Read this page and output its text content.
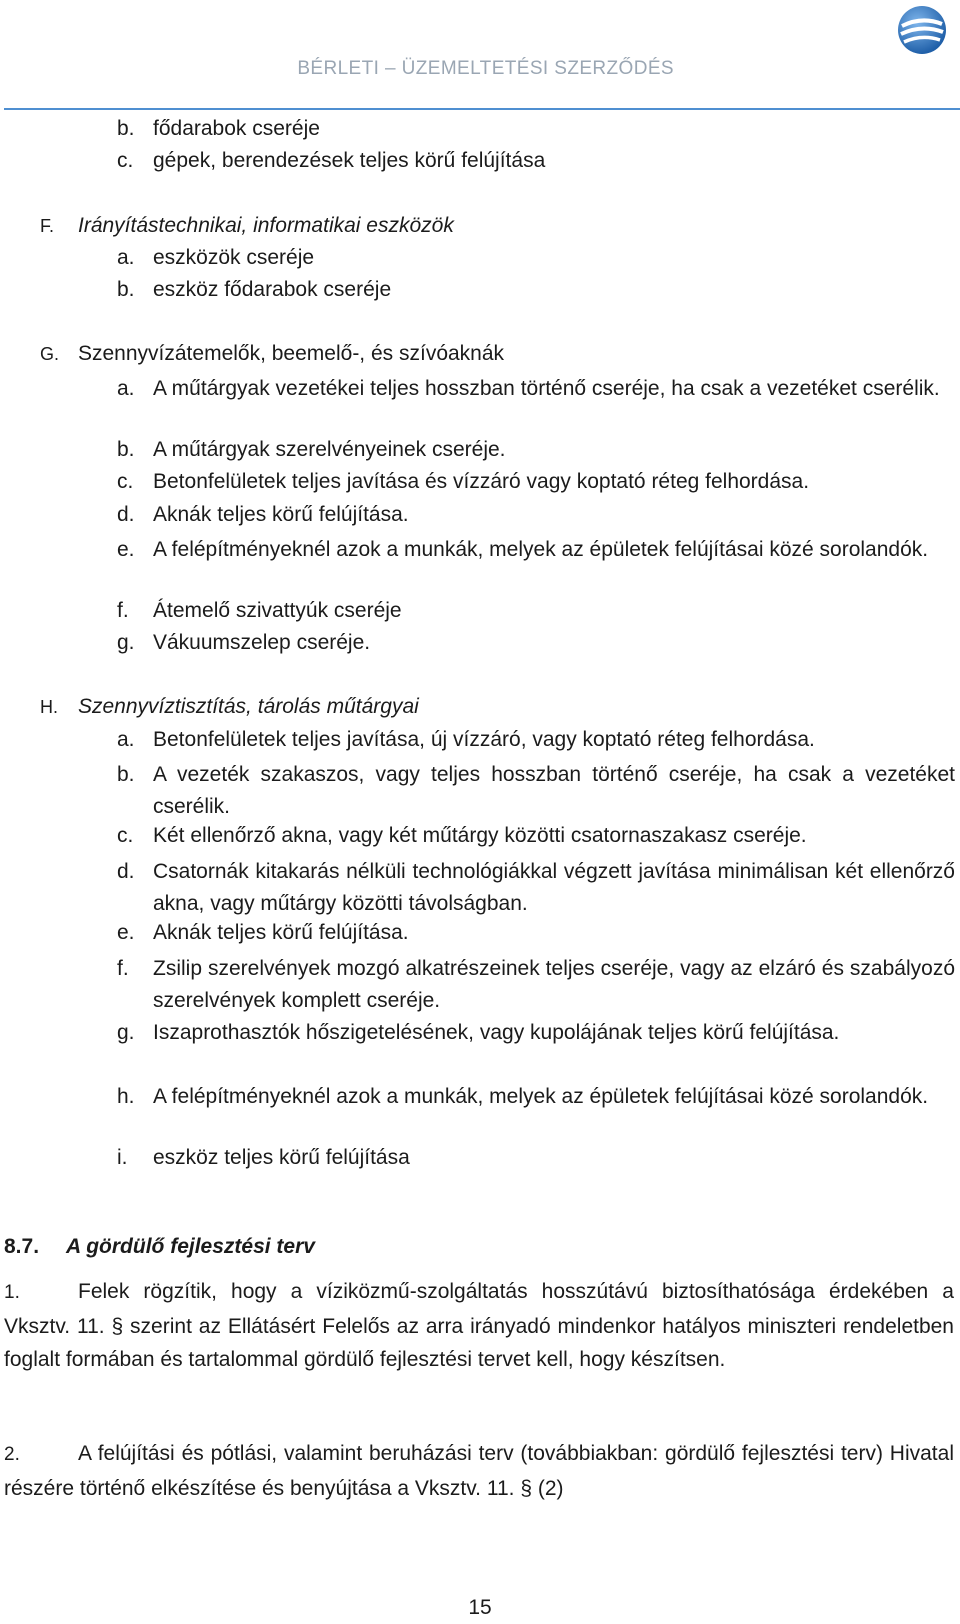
BÉRLETI – ÜZEMELTETÉSI SZERZŐDÉS
b. fődarabok cseréje
c. gépek, berendezések teljes körű felújítása
F. Irányítástechnikai, informatikai eszközök
a. eszközök cseréje
b. eszköz fődarabok cseréje
G. Szennyvízátemelők, beemelő-, és szívóaknák
a. A műtárgyak vezetékei teljes hosszban történő cseréje, ha csak a vezetéket cserélik.
b. A műtárgyak szerelvényeinek cseréje.
c. Betonfelületek teljes javítása és vízzáró vagy koptató réteg felhordása.
d. Aknák teljes körű felújítása.
e. A felépítményeknél azok a munkák, melyek az épületek felújításai közé sorolandók.
f. Átemelő szivattyúk cseréje
g. Vákuumszelep cseréje.
H. Szennyvíztisztítás, tárolás műtárgyai
a. Betonfelületek teljes javítása, új vízzáró, vagy koptató réteg felhordása.
b. A vezeték szakaszos, vagy teljes hosszban történő cseréje, ha csak a vezetéket cserélik.
c. Két ellenőrző akna, vagy két műtárgy közötti csatornaszakasz cseréje.
d. Csatornák kitakarás nélküli technológiákkal végzett javítása minimálisan két ellenőrző akna, vagy műtárgy közötti távolságban.
e. Aknák teljes körű felújítása.
f. Zsilip szerelvények mozgó alkatrészeinek teljes cseréje, vagy az elzáró és szabályozó szerelvények komplett cseréje.
g. Iszaprothasztók hőszigetelésének, vagy kupolájának teljes körű felújítása.
h. A felépítményeknél azok a munkák, melyek az épületek felújításai közé sorolandók.
i. eszköz teljes körű felújítása
8.7. A gördülő fejlesztési terv
1.	Felek rögzítik, hogy a víziközmű-szolgáltatás hosszútávú biztosíthatósága érdekében a Vksztv. 11. § szerint az Ellátásért Felelős az arra irányadó mindenkor hatályos miniszteri rendeletben foglalt formában és tartalommal gördülő fejlesztési tervet kell, hogy készítsen.
2.	A felújítási és pótlási, valamint beruházási terv (továbbiakban: gördülő fejlesztési terv) Hivatal részére történő elkészítése és benyújtása a Vksztv. 11. § (2)
15
